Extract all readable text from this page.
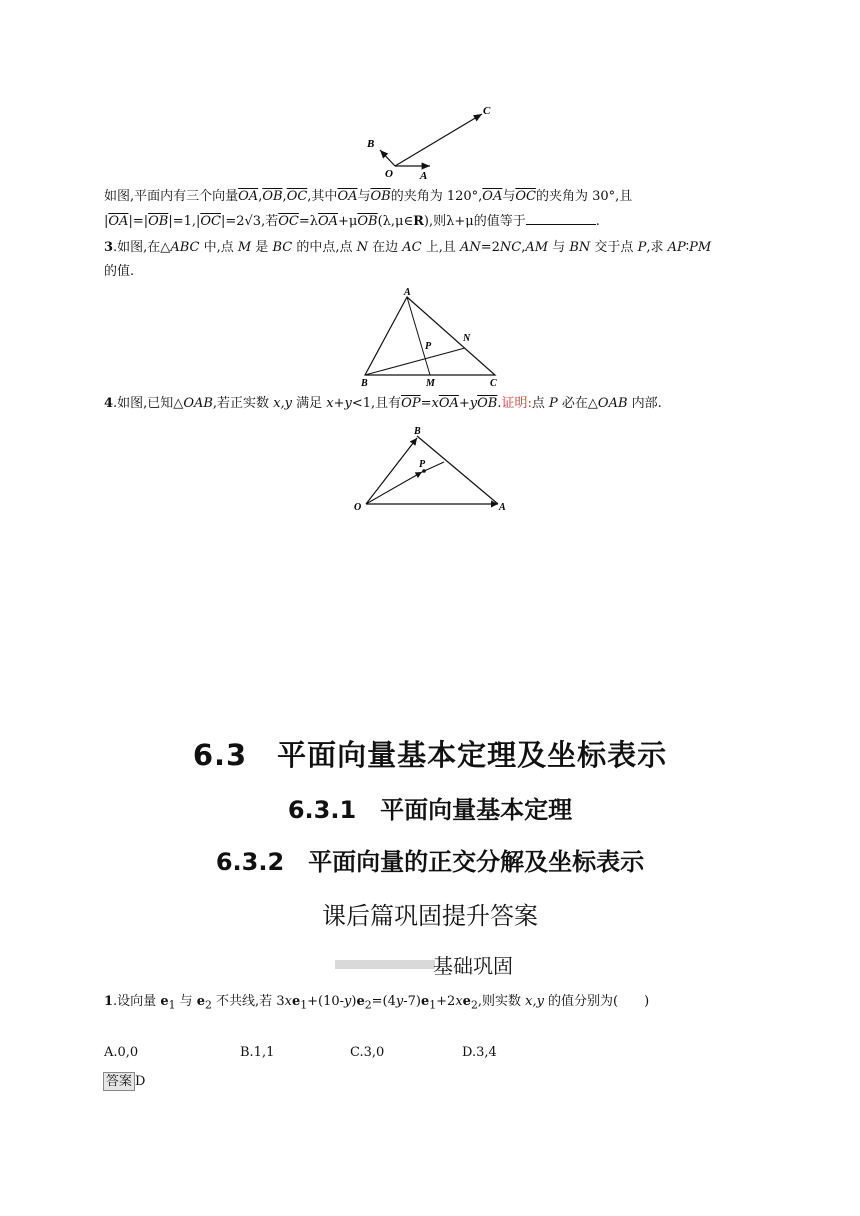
B
C
O A
如图,平面内有三个向量$\overline{OA},\overline{OB},\overline{OC}$,其中$\overline{OA}$与$\overline{OB}$的夹角为 $120^\circ,\overline{OA}$与$\overline{OC}$的夹角为 30°,且
$|\overline{OA}|=|\overline{OB}|=1,|\overline{OC}|=2√3$,若$\overline{OC}=\lambda\overline{OA}+\mu\overline{OB}(\lambda,\mu\in R)$,则λ+μ的值等于	.
3.如图,在△ABC 中,点 M 是 BC 的中点,点 N 在边 AC 上,且 AN=2NC,AM 与 BN 交于点 P,求 AP∶PM
的值.
A
N
P
B	M	C
4.如图,已知△OAB,若正实数 x,y 满足 x+y<1,且有$\overline{OP}=x\overline{OA}+y\overline{OB}$.证明:点 P 必在△OAB 内部.
B
P
O	A
6.3　平面向量基本定理及坐标表示
6.3.1　平面向量基本定理
6.3.2　平面向量的正交分解及坐标表示
课后篇巩固提升答案
基础巩固
1.设向量 $e_1$ 与 $e_2$ 不共线,若 $3xe_1+(10-y)e_2=(4y-7)e_1+2xe_2$,则实数 x,y 的值分别为(　　)
A.0,0	B.1,1	C.3,0	D.3,4
答案 D
